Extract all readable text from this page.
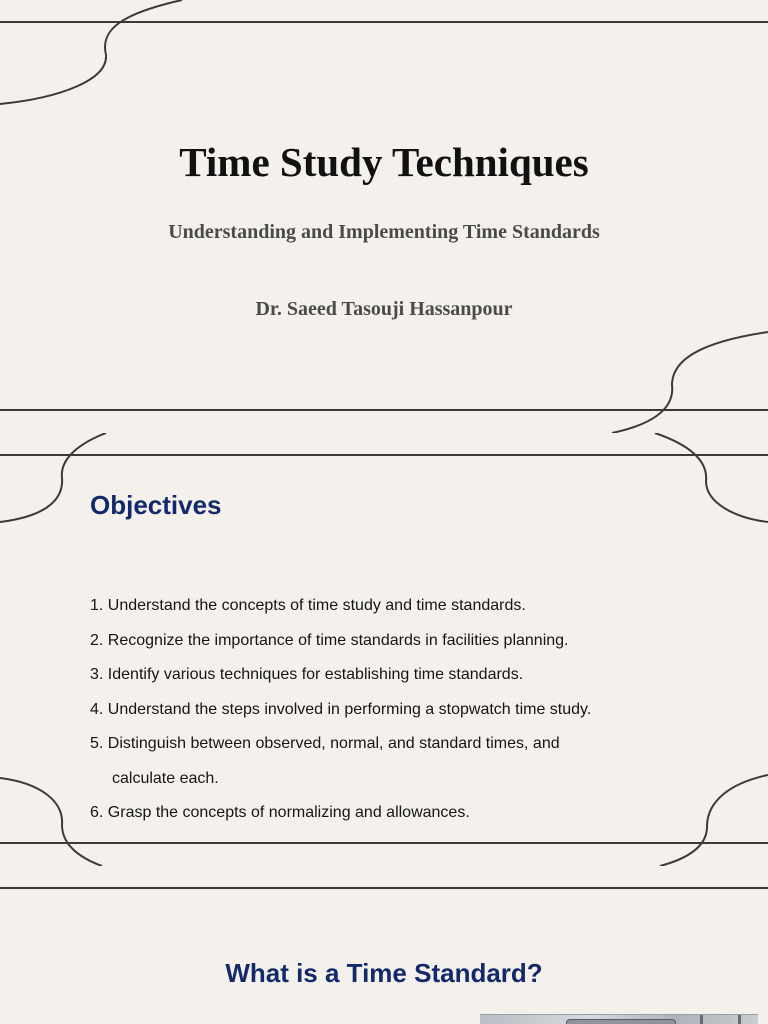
Time Study Techniques
Understanding and Implementing Time Standards
Dr. Saeed Tasouji Hassanpour
Objectives
1. Understand the concepts of time study and time standards.
2. Recognize the importance of time standards in facilities planning.
3. Identify various techniques for establishing time standards.
4. Understand the steps involved in performing a stopwatch time study.
5. Distinguish between observed, normal, and standard times, and
calculate each.
6. Grasp the concepts of normalizing and allowances.
What is a Time Standard?
